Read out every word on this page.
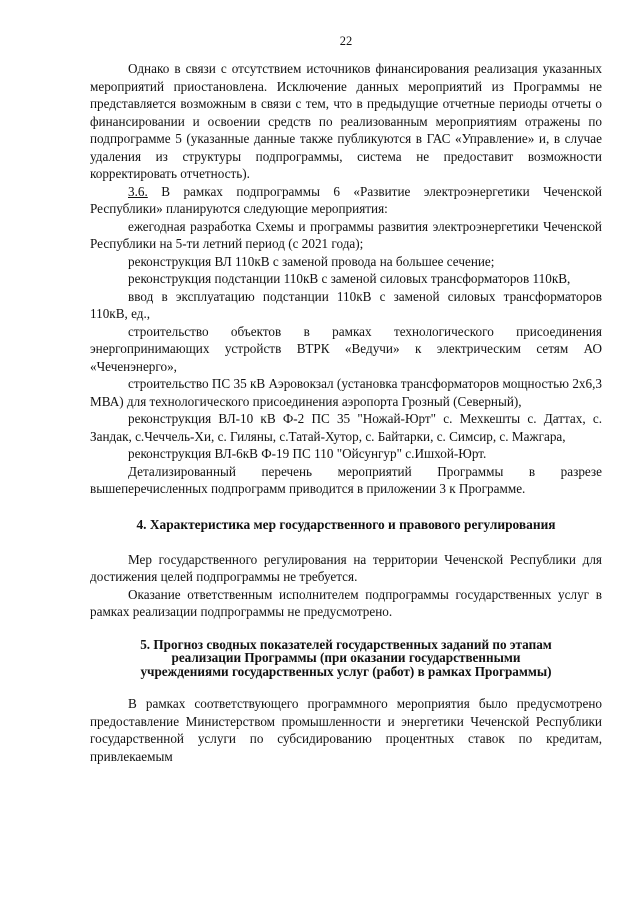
22

Однако в связи с отсутствием источников финансирования реализация указанных мероприятий приостановлена. Исключение данных мероприятий из Программы не представляется возможным в связи с тем, что в предыдущие отчетные периоды отчеты о финансировании и освоении средств по реализованным мероприятиям отражены по подпрограмме 5 (указанные данные также публикуются в ГАС «Управление» и, в случае удаления из структуры подпрограммы, система не предоставит возможности корректировать отчетность).

3.6. В рамках подпрограммы 6 «Развитие электроэнергетики Чеченской Республики» планируются следующие мероприятия:

ежегодная разработка Схемы и программы развития электроэнергетики Чеченской Республики на 5-ти летний период (с 2021 года);

реконструкция ВЛ 110кВ с заменой провода на большее сечение;

реконструкция подстанции 110кВ с заменой силовых трансформаторов 110кВ,

ввод в эксплуатацию подстанции 110кВ с заменой силовых трансформаторов 110кВ, ед.,

строительство объектов в рамках технологического присоединения энергопринимающих устройств ВТРК «Ведучи» к электрическим сетям АО «Чеченэнерго»,

строительство ПС 35 кВ Аэровокзал (установка трансформаторов мощностью 2х6,3 МВА) для технологического присоединения аэропорта Грозный (Северный),

реконструкция ВЛ-10 кВ Ф-2 ПС 35 "Ножай-Юрт" с. Мехкешты с. Даттах, с. Зандак, с.Чеччель-Хи, с. Гиляны, с.Татай-Хутор, с. Байтарки, с. Симсир, с. Мажгара,

реконструкция ВЛ-6кВ Ф-19 ПС 110 "Ойсунгур" с.Ишхой-Юрт.

Детализированный перечень мероприятий Программы в разрезе вышеперечисленных подпрограмм приводится в приложении 3 к Программе.

4. Характеристика мер государственного и правового регулирования

Мер государственного регулирования на территории Чеченской Республики для достижения целей подпрограммы не требуется.

Оказание ответственным исполнителем подпрограммы государственных услуг в рамках реализации подпрограммы не предусмотрено.

5. Прогноз сводных показателей государственных заданий по этапам
реализации Программы (при оказании государственными
учреждениями государственных услуг (работ) в рамках Программы)

В рамках соответствующего программного мероприятия было предусмотрено предоставление Министерством промышленности и энергетики Чеченской Республики государственной услуги по субсидированию процентных ставок по кредитам, привлекаемым
